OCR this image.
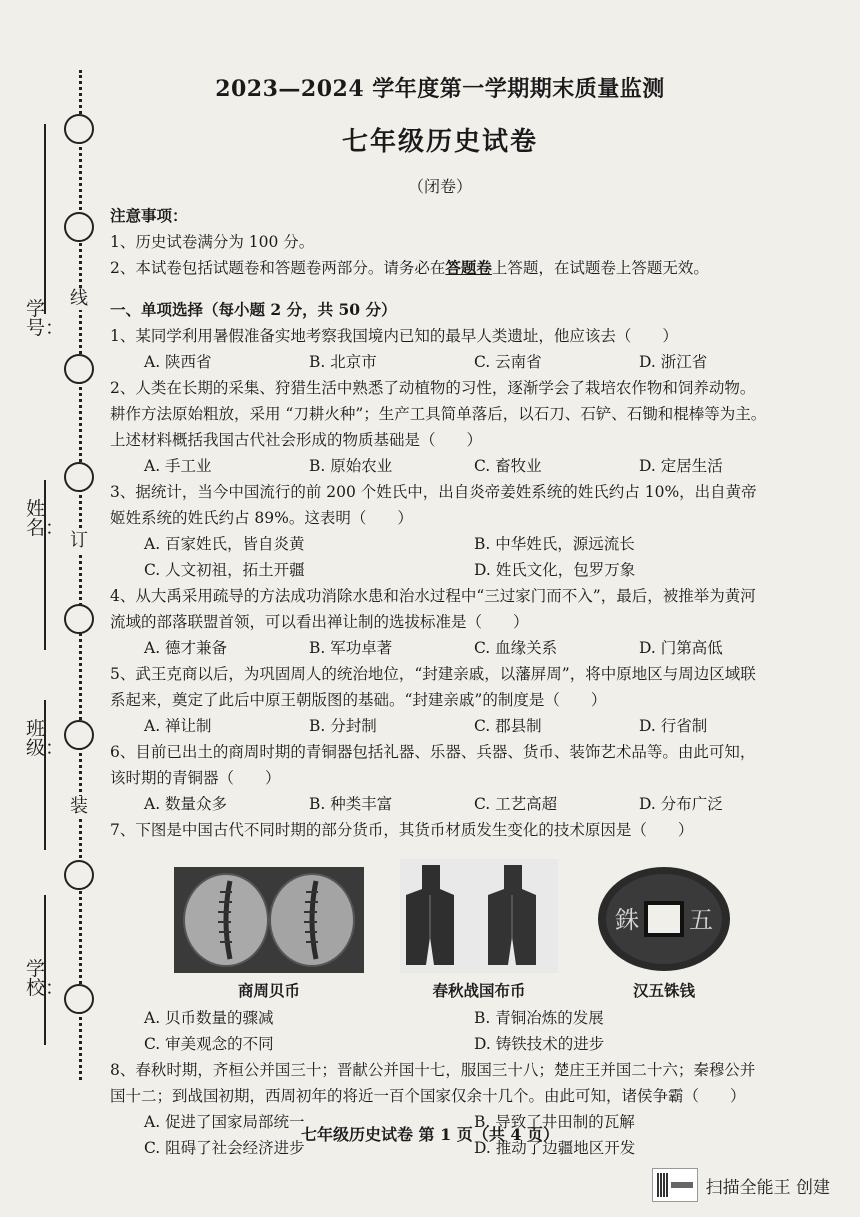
学号：
姓名：
班级：
学校：
线
订
装
2023—2024 学年度第一学期期末质量监测
七年级历史试卷
（闭卷）
注意事项：
1、历史试卷满分为 100 分。
2、本试卷包括试题卷和答题卷两部分。请务必在答题卷上答题，在试题卷上答题无效。
一、单项选择（每小题 2 分，共 50 分）
1、某同学利用暑假准备实地考察我国境内已知的最早人类遗址，他应该去（　　）
A. 陕西省	B. 北京市	C. 云南省	D. 浙江省
2、人类在长期的采集、狩猎生活中熟悉了动植物的习性，逐渐学会了栽培农作物和饲养动物。耕作方法原始粗放，采用 “刀耕火种”；生产工具简单落后，以石刀、石铲、石锄和棍棒等为主。上述材料概括我国古代社会形成的物质基础是（　　）
A. 手工业	B. 原始农业	C. 畜牧业	D. 定居生活
3、据统计，当今中国流行的前 200 个姓氏中，出自炎帝姜姓系统的姓氏约占 10%，出自黄帝姬姓系统的姓氏约占 89%。这表明（　　）
A. 百家姓氏，皆自炎黄	B. 中华姓氏，源远流长
C. 人文初祖，拓土开疆	D. 姓氏文化，包罗万象
4、从大禹采用疏导的方法成功消除水患和治水过程中“三过家门而不入”，最后，被推举为黄河流域的部落联盟首领，可以看出禅让制的选拔标准是（　　）
A. 德才兼备	B. 军功卓著	C. 血缘关系	D. 门第高低
5、武王克商以后，为巩固周人的统治地位，“封建亲戚，以藩屏周”，将中原地区与周边区域联系起来，奠定了此后中原王朝版图的基础。“封建亲戚”的制度是（　　）
A. 禅让制	B. 分封制	C. 郡县制	D. 行省制
6、目前已出土的商周时期的青铜器包括礼器、乐器、兵器、货币、装饰艺术品等。由此可知，该时期的青铜器（　　）
A. 数量众多	B. 种类丰富	C. 工艺高超	D. 分布广泛
7、下图是中国古代不同时期的部分货币，其货币材质发生变化的技术原因是（　　）
商周贝币	春秋战国布币
銖 五
汉五铢钱
A. 贝币数量的骤减	B. 青铜冶炼的发展
C. 审美观念的不同	D. 铸铁技术的进步
8、春秋时期，齐桓公并国三十；晋献公并国十七，服国三十八；楚庄王并国二十六；秦穆公并国十二；到战国初期，西周初年的将近一百个国家仅余十几个。由此可知，诸侯争霸（　　）
A. 促进了国家局部统一	B. 导致了井田制的瓦解
C. 阻碍了社会经济进步	D. 推动了边疆地区开发
七年级历史试卷 第 1 页（共 4 页）
扫描全能王 创建
